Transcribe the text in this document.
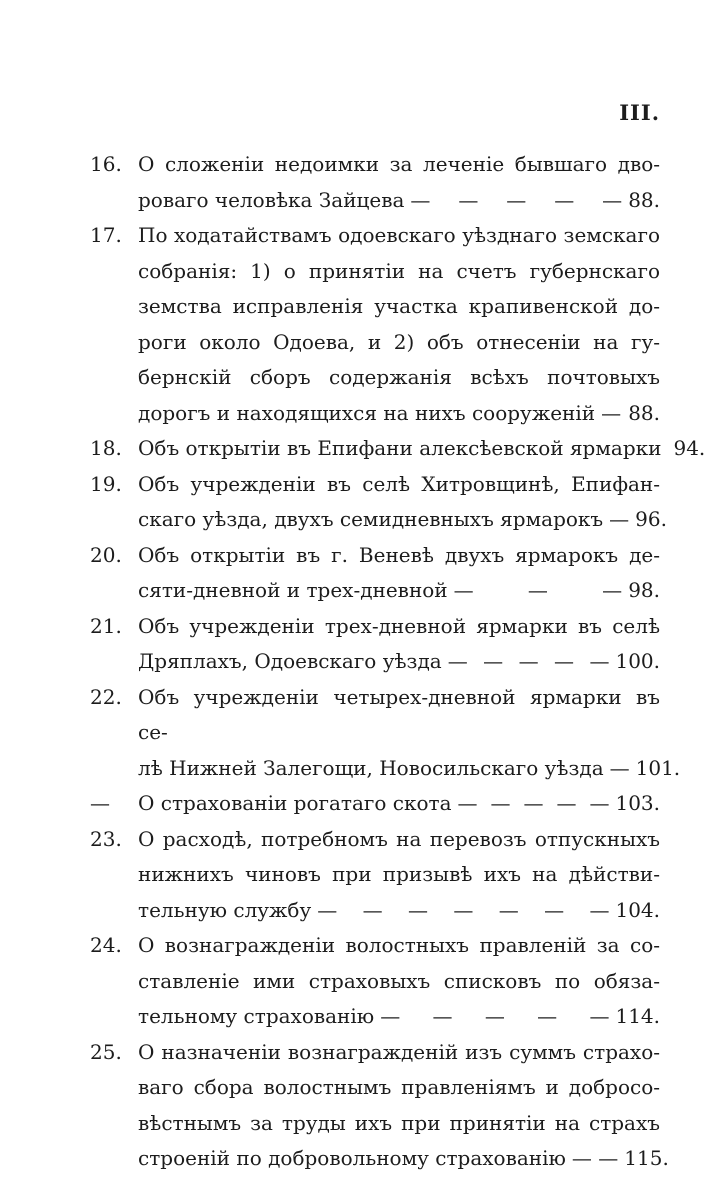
III.
16. О сложеніи недоимки за леченіе бывшаго дво-
роваго человѣка Зайцева — — — — — 88.
17. По ходатайствамъ одоевскаго уѣзднаго земскаго
собранія: 1) о принятіи на счетъ губернскаго
земства исправленія участка крапивенской до-
роги около Одоева, и 2) объ отнесеніи на гу-
бернскій сборъ содержанія всѣхъ почтовыхъ
дорогъ и находящихся на нихъ сооруженій — 88.
18. Объ открытіи въ Епифани алексѣевской ярмарки 94.
19. Объ учрежденіи въ селѣ Хитровщинѣ, Епифан-
скаго уѣзда, двухъ семидневныхъ ярмарокъ — 96.
20. Объ открытіи въ г. Веневѣ двухъ ярмарокъ де-
сяти-дневной и трех-дневной — — — 98.
21. Объ учрежденіи трех-дневной ярмарки въ селѣ
Дряплахъ, Одоевскаго уѣзда — — — — — 100.
22. Объ учрежденіи четырех-дневной ярмарки въ се-
лѣ Нижней Залегощи, Новосильскаго уѣзда — 101.
—	О страхованіи рогатаго скота — — — — — 103.
23. О расходѣ, потребномъ на перевозъ отпускныхъ
нижнихъ чиновъ при призывѣ ихъ на дѣйстви-
тельную службу — — — — — — — 104.
24. О вознагражденіи волостныхъ правленій за со-
ставленіе ими страховыхъ списковъ по обяза-
тельному страхованію — — — — — 114.
25. О назначеніи вознагражденій изъ суммъ страхо-
ваго сбора волостнымъ правленіямъ и добросо-
вѣстнымъ за труды ихъ при принятіи на страхъ
строеній по добровольному страхованію — — 115.
